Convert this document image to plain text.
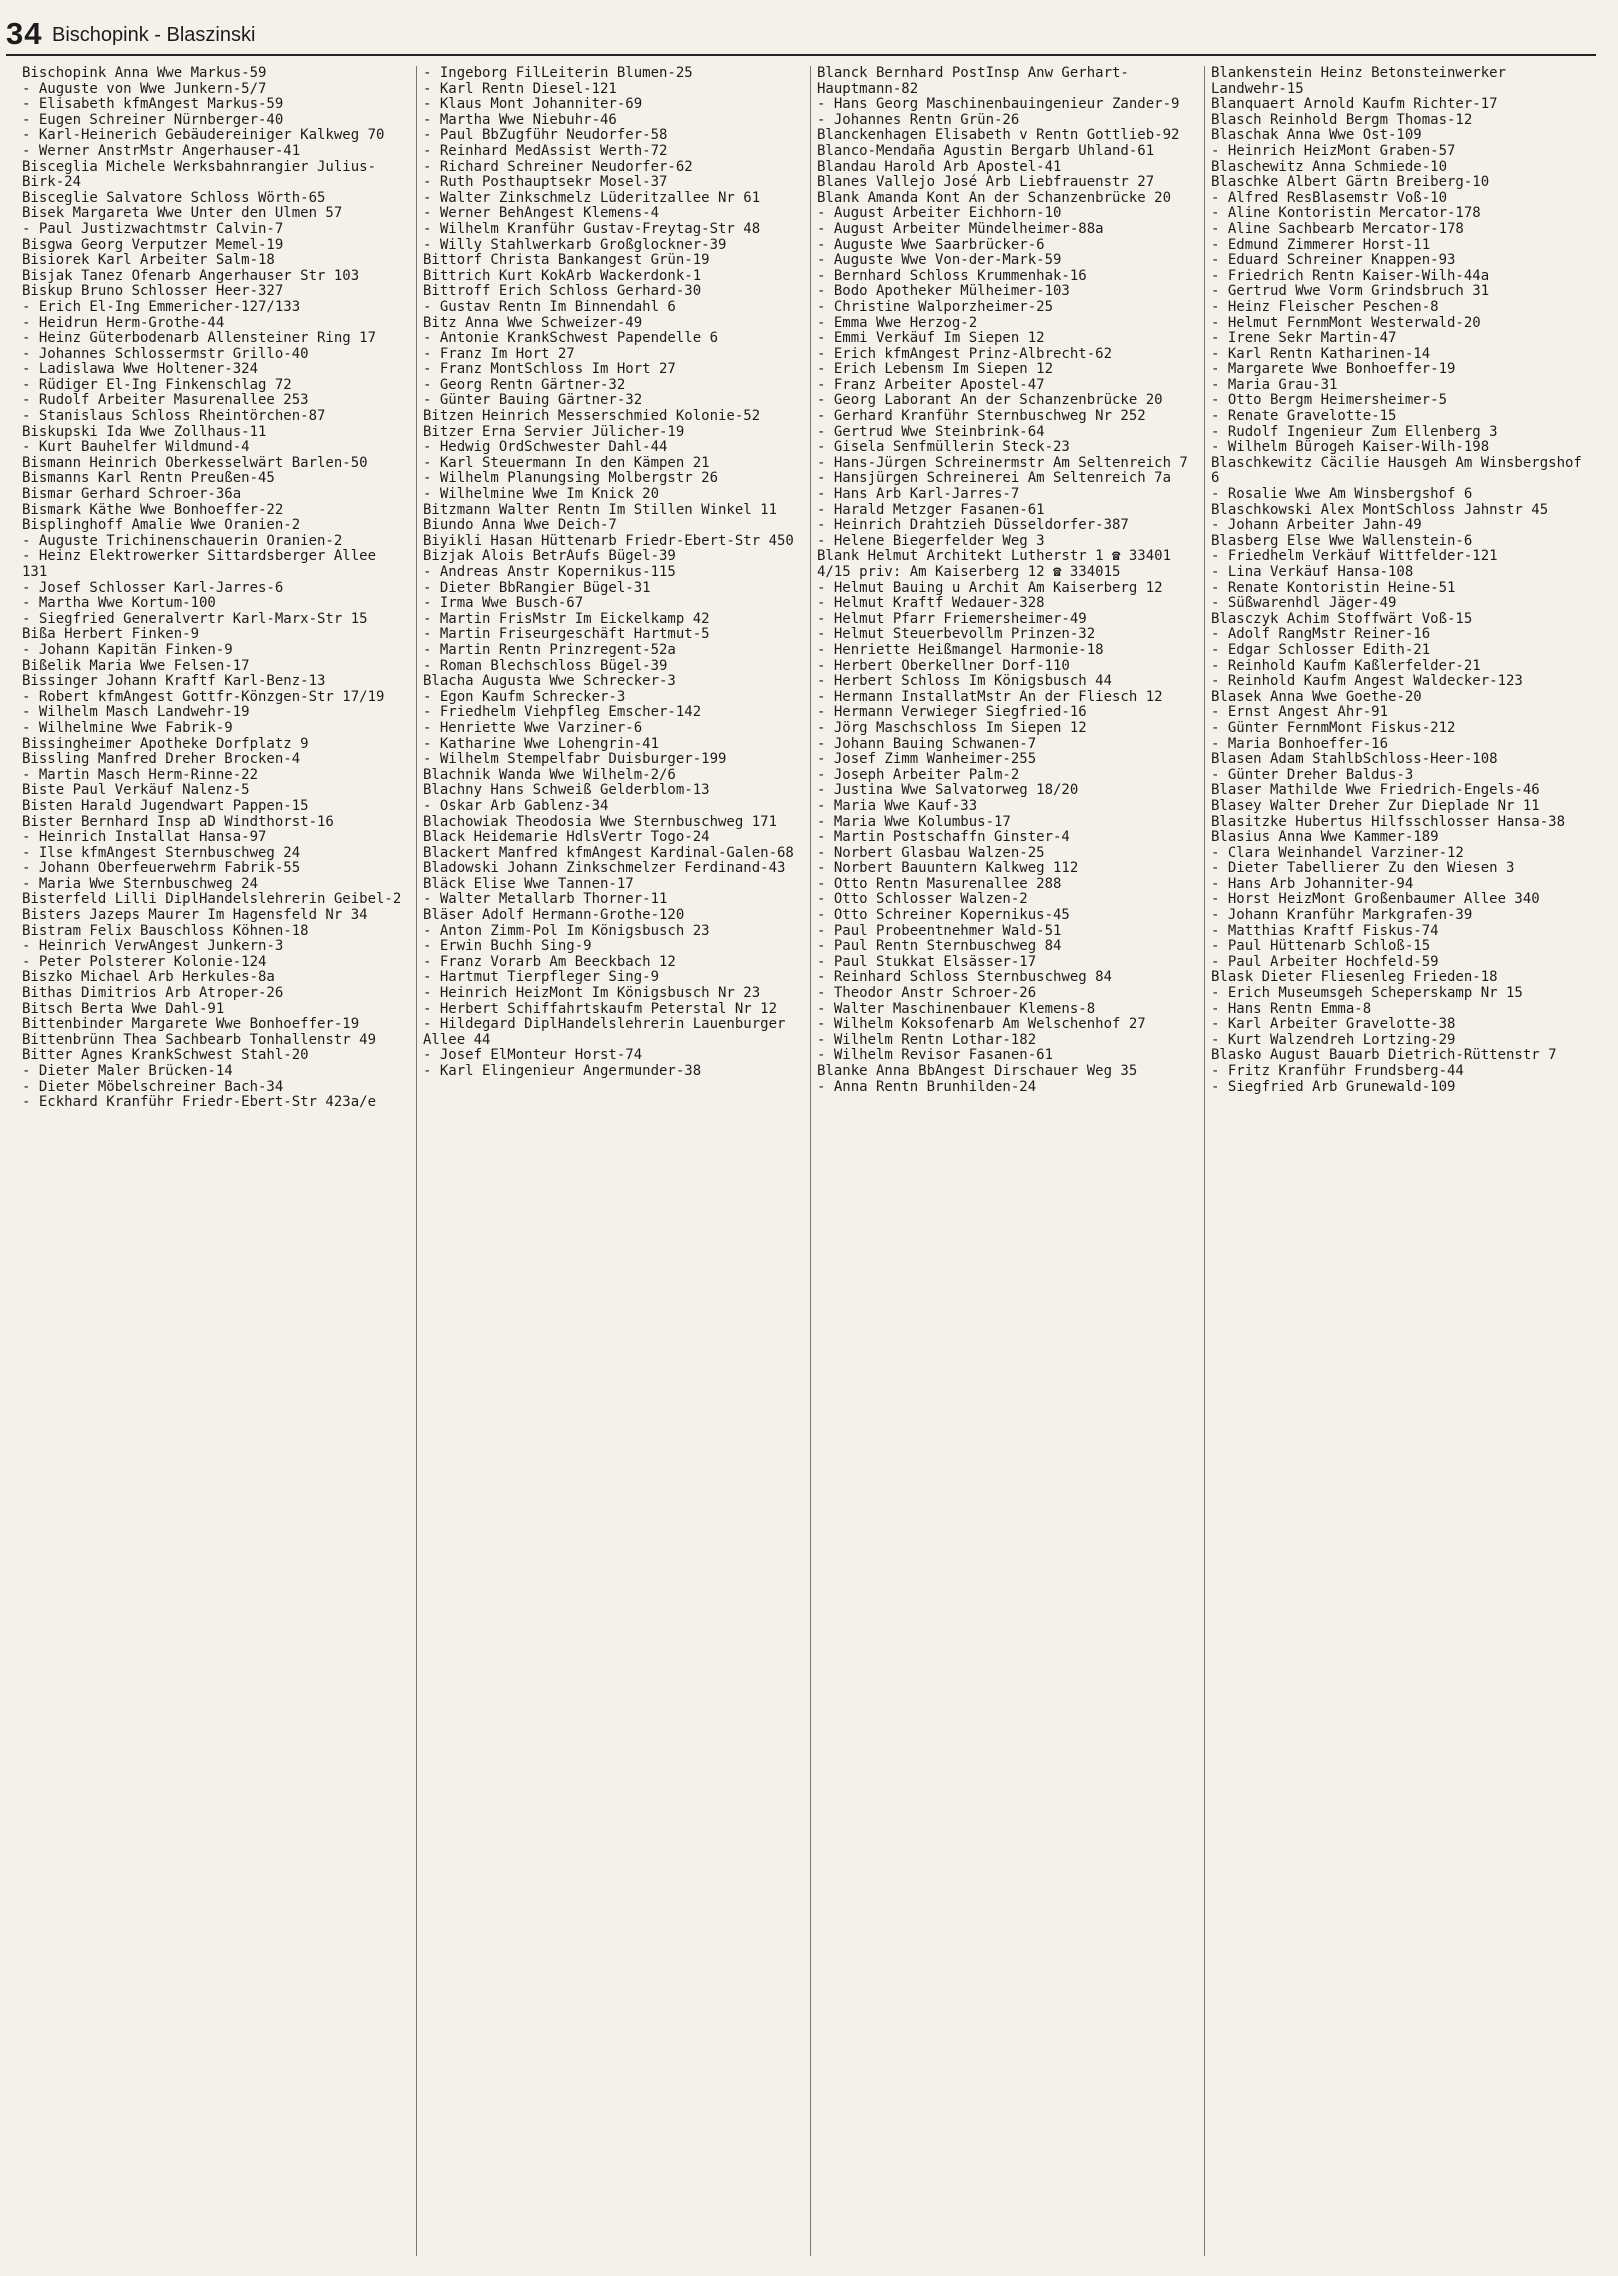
34 Bischopink - Blaszinski

Bischopink Anna Wwe Markus-59

- Auguste von Wwe Junkern-5/7

- Elisabeth kfmAngest Markus-59

- Eugen Schreiner Nürnberger-40

- Karl-Heinerich Gebäudereiniger Kalkweg 70

- Werner AnstrMstr Angerhauser-41

Bisceglia Michele Werksbahnrangier Julius-Birk-24

Bisceglie Salvatore Schloss Wörth-65

Bisek Margareta Wwe Unter den Ulmen 57

- Paul Justizwachtmstr Calvin-7

Bisgwa Georg Verputzer Memel-19

Bisiorek Karl Arbeiter Salm-18

Bisjak Tanez Ofenarb Angerhauser Str 103

Biskup Bruno Schlosser Heer-327

- Erich El-Ing Emmericher-127/133

- Heidrun Herm-Grothe-44

- Heinz Güterbodenarb Allensteiner Ring 17

- Johannes Schlossermstr Grillo-40

- Ladislawa Wwe Holtener-324

- Rüdiger El-Ing Finkenschlag 72

- Rudolf Arbeiter Masurenallee 253

- Stanislaus Schloss Rheintörchen-87

Biskupski Ida Wwe Zollhaus-11

- Kurt Bauhelfer Wildmund-4

Bismann Heinrich Oberkesselwärt Barlen-50

Bismanns Karl Rentn Preußen-45

Bismar Gerhard Schroer-36a

Bismark Käthe Wwe Bonhoeffer-22

Bisplinghoff Amalie Wwe Oranien-2

- Auguste Trichinenschauerin Oranien-2

- Heinz Elektrowerker Sittardsberger Allee 131

- Josef Schlosser Karl-Jarres-6

- Martha Wwe Kortum-100

- Siegfried Generalvertr Karl-Marx-Str 15

Bißa Herbert Finken-9

- Johann Kapitän Finken-9

Bißelik Maria Wwe Felsen-17

Bissinger Johann Kraftf Karl-Benz-13

- Robert kfmAngest Gottfr-Könzgen-Str 17/19

- Wilhelm Masch Landwehr-19

- Wilhelmine Wwe Fabrik-9

Bissingheimer Apotheke Dorfplatz 9

Bissling Manfred Dreher Brocken-4

- Martin Masch Herm-Rinne-22

Biste Paul Verkäuf Nalenz-5

Bisten Harald Jugendwart Pappen-15

Bister Bernhard Insp aD Windthorst-16

- Heinrich Installat Hansa-97

- Ilse kfmAngest Sternbuschweg 24

- Johann Oberfeuerwehrm Fabrik-55

- Maria Wwe Sternbuschweg 24

Bisterfeld Lilli DiplHandelslehrerin Geibel-2

Bisters Jazeps Maurer Im Hagensfeld Nr 34

Bistram Felix Bauschloss Köhnen-18

- Heinrich VerwAngest Junkern-3

- Peter Polsterer Kolonie-124

Biszko Michael Arb Herkules-8a

Bithas Dimitrios Arb Atroper-26

Bitsch Berta Wwe Dahl-91

Bittenbinder Margarete Wwe Bonhoeffer-19

Bittenbrünn Thea Sachbearb Tonhallenstr 49

Bitter Agnes KrankSchwest Stahl-20

- Dieter Maler Brücken-14

- Dieter Möbelschreiner Bach-34

- Eckhard Kranführ Friedr-Ebert-Str 423a/e

- Ingeborg FilLeiterin Blumen-25

- Karl Rentn Diesel-121

- Klaus Mont Johanniter-69

- Martha Wwe Niebuhr-46

- Paul BbZugführ Neudorfer-58

- Reinhard MedAssist Werth-72

- Richard Schreiner Neudorfer-62

- Ruth Posthauptsekr Mosel-37

- Walter Zinkschmelz Lüderitzallee Nr 61

- Werner BehAngest Klemens-4

- Wilhelm Kranführ Gustav-Freytag-Str 48

- Willy Stahlwerkarb Großglockner-39

Bittorf Christa Bankangest Grün-19

Bittrich Kurt KokArb Wackerdonk-1

Bittroff Erich Schloss Gerhard-30

- Gustav Rentn Im Binnendahl 6

Bitz Anna Wwe Schweizer-49

- Antonie KrankSchwest Papendelle 6

- Franz Im Hort 27

- Franz MontSchloss Im Hort 27

- Georg Rentn Gärtner-32

- Günter Bauing Gärtner-32

Bitzen Heinrich Messerschmied Kolonie-52

Bitzer Erna Servier Jülicher-19

- Hedwig OrdSchwester Dahl-44

- Karl Steuermann In den Kämpen 21

- Wilhelm Planungsing Molbergstr 26

- Wilhelmine Wwe Im Knick 20

Bitzmann Walter Rentn Im Stillen Winkel 11

Biundo Anna Wwe Deich-7

Biyikli Hasan Hüttenarb Friedr-Ebert-Str 450

Bizjak Alois BetrAufs Bügel-39

- Andreas Anstr Kopernikus-115

- Dieter BbRangier Bügel-31

- Irma Wwe Busch-67

- Martin FrisMstr Im Eickelkamp 42

- Martin Friseurgeschäft Hartmut-5

- Martin Rentn Prinzregent-52a

- Roman Blechschloss Bügel-39

Blacha Augusta Wwe Schrecker-3

- Egon Kaufm Schrecker-3

- Friedhelm Viehpfleg Emscher-142

- Henriette Wwe Varziner-6

- Katharine Wwe Lohengrin-41

- Wilhelm Stempelfabr Duisburger-199

Blachnik Wanda Wwe Wilhelm-2/6

Blachny Hans Schweiß Gelderblom-13

- Oskar Arb Gablenz-34

Blachowiak Theodosia Wwe Sternbuschweg 171

Black Heidemarie HdlsVertr Togo-24

Blackert Manfred kfmAngest Kardinal-Galen-68

Bladowski Johann Zinkschmelzer Ferdinand-43

Bläck Elise Wwe Tannen-17

- Walter Metallarb Thorner-11

Bläser Adolf Hermann-Grothe-120

- Anton Zimm-Pol Im Königsbusch 23

- Erwin Buchh Sing-9

- Franz Vorarb Am Beeckbach 12

- Hartmut Tierpfleger Sing-9

- Heinrich HeizMont Im Königsbusch Nr 23

- Herbert Schiffahrtskaufm Peterstal Nr 12

- Hildegard DiplHandelslehrerin Lauenburger Allee 44

- Josef ElMonteur Horst-74

- Karl Elingenieur Angermunder-38

Blanck Bernhard PostInsp Anw Gerhart-Hauptmann-82

- Hans Georg Maschinenbauingenieur Zander-9

- Johannes Rentn Grün-26

Blanckenhagen Elisabeth v Rentn Gottlieb-92

Blanco-Mendaña Agustin Bergarb Uhland-61

Blandau Harold Arb Apostel-41

Blanes Vallejo José Arb Liebfrauenstr 27

Blank Amanda Kont An der Schanzenbrücke 20

- August Arbeiter Eichhorn-10

- August Arbeiter Mündelheimer-88a

- Auguste Wwe Saarbrücker-6

- Auguste Wwe Von-der-Mark-59

- Bernhard Schloss Krummenhak-16

- Bodo Apotheker Mülheimer-103

- Christine Walporzheimer-25

- Emma Wwe Herzog-2

- Emmi Verkäuf Im Siepen 12

- Erich kfmAngest Prinz-Albrecht-62

- Erich Lebensm Im Siepen 12

- Franz Arbeiter Apostel-47

- Georg Laborant An der Schanzenbrücke 20

- Gerhard Kranführ Sternbuschweg Nr 252

- Gertrud Wwe Steinbrink-64

- Gisela Senfmüllerin Steck-23

- Hans-Jürgen Schreinermstr Am Seltenreich 7

- Hansjürgen Schreinerei Am Seltenreich 7a

- Hans Arb Karl-Jarres-7

- Harald Metzger Fasanen-61

- Heinrich Drahtzieh Düsseldorfer-387

- Helene Biegerfelder Weg 3

Blank Helmut Architekt Lutherstr 1 ☎ 33401 4/15 priv: Am Kaiserberg 12 ☎ 334015

- Helmut Bauing u Archit Am Kaiserberg 12

- Helmut Kraftf Wedauer-328

- Helmut Pfarr Friemersheimer-49

- Helmut Steuerbevollm Prinzen-32

- Henriette Heißmangel Harmonie-18

- Herbert Oberkellner Dorf-110

- Herbert Schloss Im Königsbusch 44

- Hermann InstallatMstr An der Fliesch 12

- Hermann Verwieger Siegfried-16

- Jörg Maschschloss Im Siepen 12

- Johann Bauing Schwanen-7

- Josef Zimm Wanheimer-255

- Joseph Arbeiter Palm-2

- Justina Wwe Salvatorweg 18/20

- Maria Wwe Kauf-33

- Maria Wwe Kolumbus-17

- Martin Postschaffn Ginster-4

- Norbert Glasbau Walzen-25

- Norbert Bauuntern Kalkweg 112

- Otto Rentn Masurenallee 288

- Otto Schlosser Walzen-2

- Otto Schreiner Kopernikus-45

- Paul Probeentnehmer Wald-51

- Paul Rentn Sternbuschweg 84

- Paul Stukkat Elsässer-17

- Reinhard Schloss Sternbuschweg 84

- Theodor Anstr Schroer-26

- Walter Maschinenbauer Klemens-8

- Wilhelm Koksofenarb Am Welschenhof 27

- Wilhelm Rentn Lothar-182

- Wilhelm Revisor Fasanen-61

Blanke Anna BbAngest Dirschauer Weg 35

- Anna Rentn Brunhilden-24

Blankenstein Heinz Betonsteinwerker Landwehr-15

Blanquaert Arnold Kaufm Richter-17

Blasch Reinhold Bergm Thomas-12

Blaschak Anna Wwe Ost-109

- Heinrich HeizMont Graben-57

Blaschewitz Anna Schmiede-10

Blaschke Albert Gärtn Breiberg-10

- Alfred ResBlasemstr Voß-10

- Aline Kontoristin Mercator-178

- Aline Sachbearb Mercator-178

- Edmund Zimmerer Horst-11

- Eduard Schreiner Knappen-93

- Friedrich Rentn Kaiser-Wilh-44a

- Gertrud Wwe Vorm Grindsbruch 31

- Heinz Fleischer Peschen-8

- Helmut FernmMont Westerwald-20

- Irene Sekr Martin-47

- Karl Rentn Katharinen-14

- Margarete Wwe Bonhoeffer-19

- Maria Grau-31

- Otto Bergm Heimersheimer-5

- Renate Gravelotte-15

- Rudolf Ingenieur Zum Ellenberg 3

- Wilhelm Bürogeh Kaiser-Wilh-198

Blaschkewitz Cäcilie Hausgeh Am Winsbergshof 6

- Rosalie Wwe Am Winsbergshof 6

Blaschkowski Alex MontSchloss Jahnstr 45

- Johann Arbeiter Jahn-49

Blasberg Else Wwe Wallenstein-6

- Friedhelm Verkäuf Wittfelder-121

- Lina Verkäuf Hansa-108

- Renate Kontoristin Heine-51

- Süßwarenhdl Jäger-49

Blasczyk Achim Stoffwärt Voß-15

- Adolf RangMstr Reiner-16

- Edgar Schlosser Edith-21

- Reinhold Kaufm Kaßlerfelder-21

- Reinhold Kaufm Angest Waldecker-123

Blasek Anna Wwe Goethe-20

- Ernst Angest Ahr-91

- Günter FernmMont Fiskus-212

- Maria Bonhoeffer-16

Blasen Adam StahlbSchloss-Heer-108

- Günter Dreher Baldus-3

Blaser Mathilde Wwe Friedrich-Engels-46

Blasey Walter Dreher Zur Dieplade Nr 11

Blasitzke Hubertus Hilfsschlosser Hansa-38

Blasius Anna Wwe Kammer-189

- Clara Weinhandel Varziner-12

- Dieter Tabellierer Zu den Wiesen 3

- Hans Arb Johanniter-94

- Horst HeizMont Großenbaumer Allee 340

- Johann Kranführ Markgrafen-39

- Matthias Kraftf Fiskus-74

- Paul Hüttenarb Schloß-15

- Paul Arbeiter Hochfeld-59

Blask Dieter Fliesenleg Frieden-18

- Erich Museumsgeh Scheperskamp Nr 15

- Hans Rentn Emma-8

- Karl Arbeiter Gravelotte-38

- Kurt Walzendreh Lortzing-29

Blasko August Bauarb Dietrich-Rüttenstr 7

- Fritz Kranführ Frundsberg-44

- Siegfried Arb Grunewald-109
